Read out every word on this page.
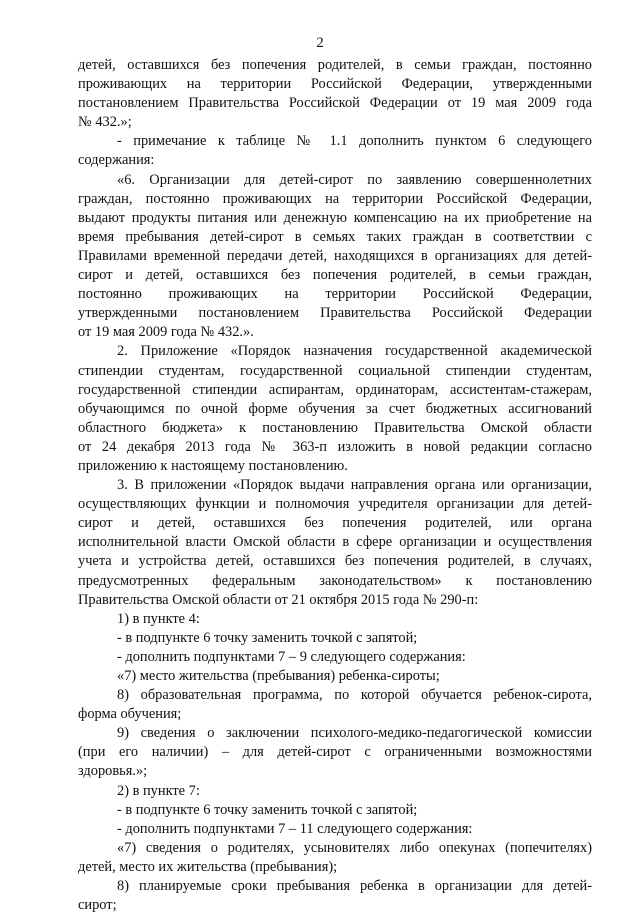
2
детей, оставшихся без попечения родителей, в семьи граждан, постоянно
проживающих на территории Российской Федерации, утвержденными
постановлением Правительства Российской Федерации от 19 мая 2009 года
№ 432.»;
- примечание к таблице № 1.1 дополнить пунктом 6 следующего
содержания:
«6. Организации для детей-сирот по заявлению совершеннолетних
граждан, постоянно проживающих на территории Российской Федерации,
выдают продукты питания или денежную компенсацию на их приобретение на
время пребывания детей-сирот в семьях таких граждан в соответствии с
Правилами временной передачи детей, находящихся в организациях для детей-
сирот и детей, оставшихся без попечения родителей, в семьи граждан,
постоянно проживающих на территории Российской Федерации,
утвержденными постановлением Правительства Российской Федерации
от 19 мая 2009 года № 432.».
2. Приложение «Порядок назначения государственной академической
стипендии студентам, государственной социальной стипендии студентам,
государственной стипендии аспирантам, ординаторам, ассистентам-стажерам,
обучающимся по очной форме обучения за счет бюджетных ассигнований
областного бюджета» к постановлению Правительства Омской области
от 24 декабря 2013 года № 363-п изложить в новой редакции согласно
приложению к настоящему постановлению.
3. В приложении «Порядок выдачи направления органа или организации,
осуществляющих функции и полномочия учредителя организации для детей-
сирот и детей, оставшихся без попечения родителей, или органа
исполнительной власти Омской области в сфере организации и осуществления
учета и устройства детей, оставшихся без попечения родителей, в случаях,
предусмотренных федеральным законодательством» к постановлению
Правительства Омской области от 21 октября 2015 года № 290-п:
1) в пункте 4:
- в подпункте 6 точку заменить точкой с запятой;
- дополнить подпунктами 7 – 9 следующего содержания:
«7) место жительства (пребывания) ребенка-сироты;
8) образовательная программа, по которой обучается ребенок-сирота,
форма обучения;
9) сведения о заключении психолого-медико-педагогической комиссии
(при его наличии) – для детей-сирот с ограниченными возможностями
здоровья.»;
2) в пункте 7:
- в подпункте 6 точку заменить точкой с запятой;
- дополнить подпунктами 7 – 11 следующего содержания:
«7) сведения о родителях, усыновителях либо опекунах (попечителях)
детей, место их жительства (пребывания);
8) планируемые сроки пребывания ребенка в организации для детей-
сирот;
